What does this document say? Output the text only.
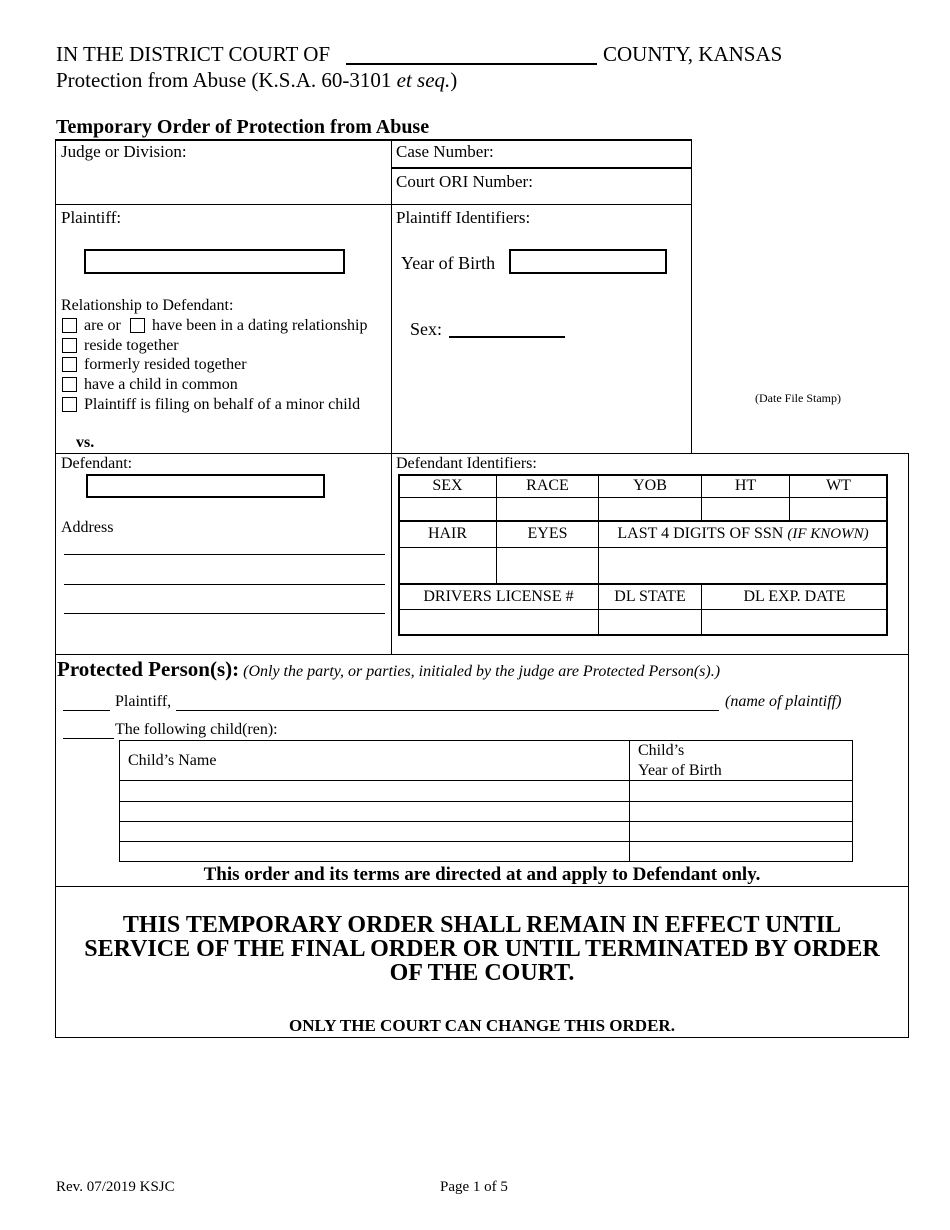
IN THE DISTRICT COURT OF	COUNTY, KANSAS
Protection from Abuse (K.S.A. 60-3101 et seq.)
Temporary Order of Protection from Abuse
Judge or Division:	Case Number:
Court ORI Number:
Plaintiff:
Relationship to Defendant:
are or have been in a dating relationship
reside together
formerly resided together
have a child in common
Plaintiff is filing on behalf of a minor child
vs.
Plaintiff Identifiers:
Year of Birth
Sex:
(Date File Stamp)
Defendant:
Address
Defendant Identifiers:
SEX	RACE	YOB	HT	WT
HAIR	EYES	LAST 4 DIGITS OF SSN (IF KNOWN)
DRIVERS LICENSE #	DL STATE	DL EXP. DATE
Protected Person(s): (Only the party, or parties, initialed by the judge are Protected Person(s).)
Plaintiff,	(name of plaintiff)
The following child(ren):
Child’s Name
Child’s
Year of Birth
This order and its terms are directed at and apply to Defendant only.
THIS TEMPORARY ORDER SHALL REMAIN IN EFFECT UNTIL
SERVICE OF THE FINAL ORDER OR UNTIL TERMINATED BY ORDER
OF THE COURT.
ONLY THE COURT CAN CHANGE THIS ORDER.
Rev. 07/2019 KSJC	Page 1 of 5
